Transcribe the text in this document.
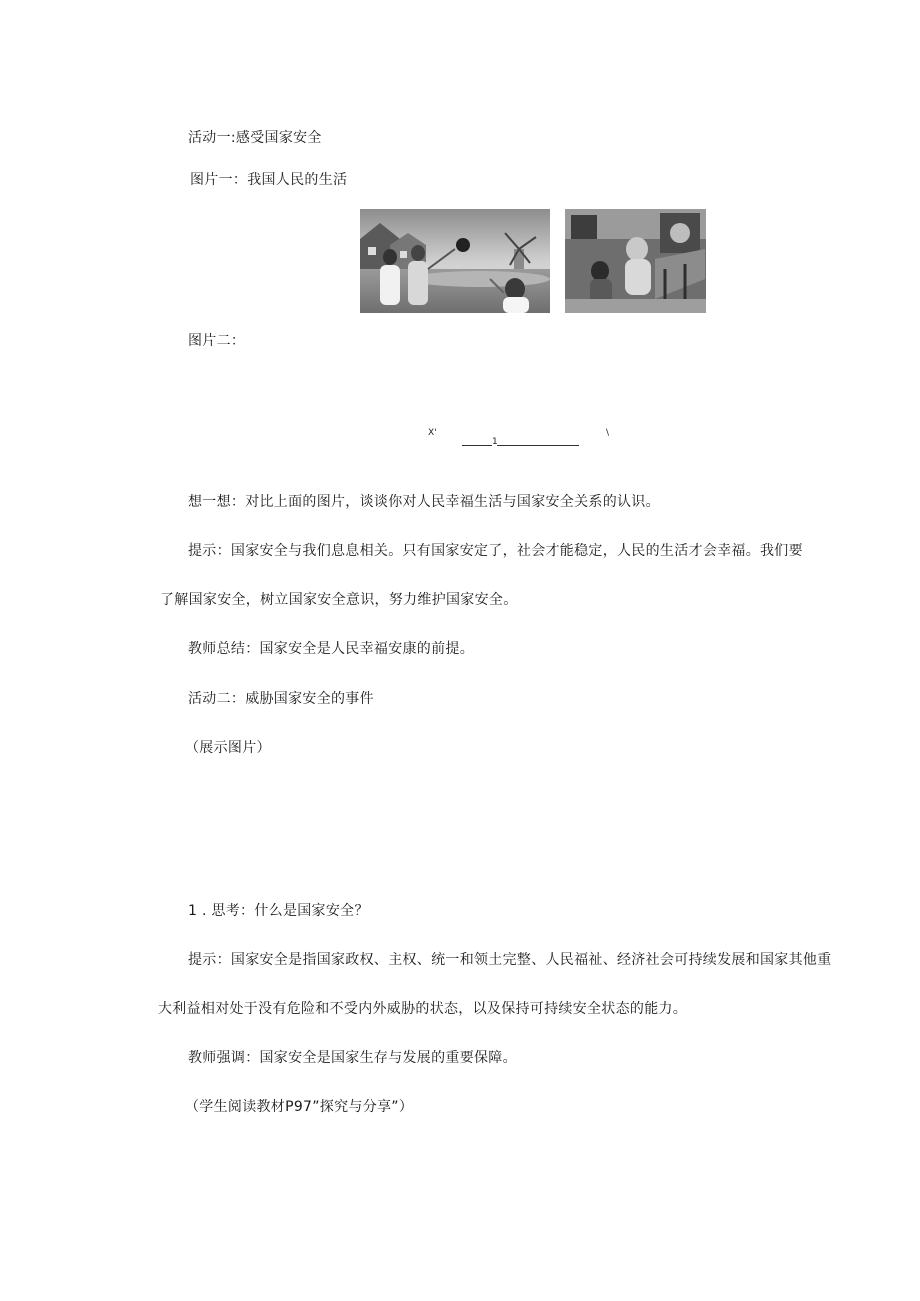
活动一:感受国家安全
图片一：我国人民的生活
图片二：
X'
1
\
想一想：对比上面的图片，谈谈你对人民幸福生活与国家安全关系的认识。
提示：国家安全与我们息息相关。只有国家安定了，社会才能稳定，人民的生活才会幸福。我们要
了解国家安全，树立国家安全意识，努力维护国家安全。
教师总结：国家安全是人民幸福安康的前提。
活动二：威胁国家安全的事件
（展示图片）
1 . 思考：什么是国家安全？
提示：国家安全是指国家政权、主权、统一和领土完整、人民福祉、经济社会可持续发展和国家其他重
大利益相对处于没有危险和不受内外威胁的状态，以及保持可持续安全状态的能力。
教师强调：国家安全是国家生存与发展的重要保障。
（学生阅读教材P97”探究与分享”）
